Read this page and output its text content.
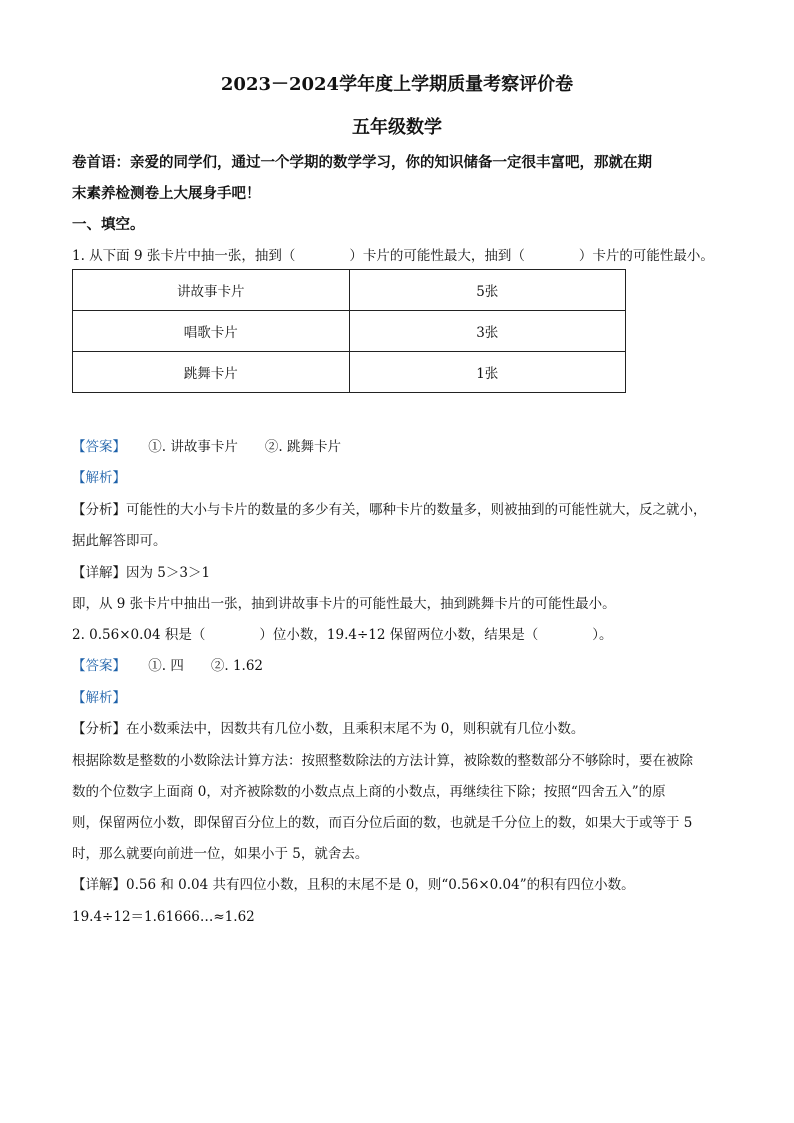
2023－2024学年度上学期质量考察评价卷
五年级数学
卷首语：亲爱的同学们，通过一个学期的数学学习，你的知识储备一定很丰富吧，那就在期
末素养检测卷上大展身手吧！
一、填空。
1. 从下面 9 张卡片中抽一张，抽到（　　　　）卡片的可能性最大，抽到（　　　　）卡片的可能性最小。
讲故事卡片	5张
唱歌卡片	3张
跳舞卡片	1张
【答案】 ①. 讲故事卡片　　②. 跳舞卡片
【解析】
【分析】可能性的大小与卡片的数量的多少有关，哪种卡片的数量多，则被抽到的可能性就大，反之就小，
据此解答即可。
【详解】因为 5＞3＞1
即，从 9 张卡片中抽出一张，抽到讲故事卡片的可能性最大，抽到跳舞卡片的可能性最小。
2. 0.56×0.04 积是（　　　　）位小数，19.4÷12 保留两位小数，结果是（　　　　）。
【答案】 ①. 四　　②. 1.62
【解析】
【分析】在小数乘法中，因数共有几位小数，且乘积末尾不为 0，则积就有几位小数。
根据除数是整数的小数除法计算方法：按照整数除法的方法计算，被除数的整数部分不够除时，要在被除
数的个位数字上面商 0，对齐被除数的小数点点上商的小数点，再继续往下除；按照“四舍五入”的原
则，保留两位小数，即保留百分位上的数，而百分位后面的数，也就是千分位上的数，如果大于或等于 5
时，那么就要向前进一位，如果小于 5，就舍去。
【详解】0.56 和 0.04 共有四位小数，且积的末尾不是 0，则“0.56×0.04”的积有四位小数。
19.4÷12＝1.61666…≈1.62
